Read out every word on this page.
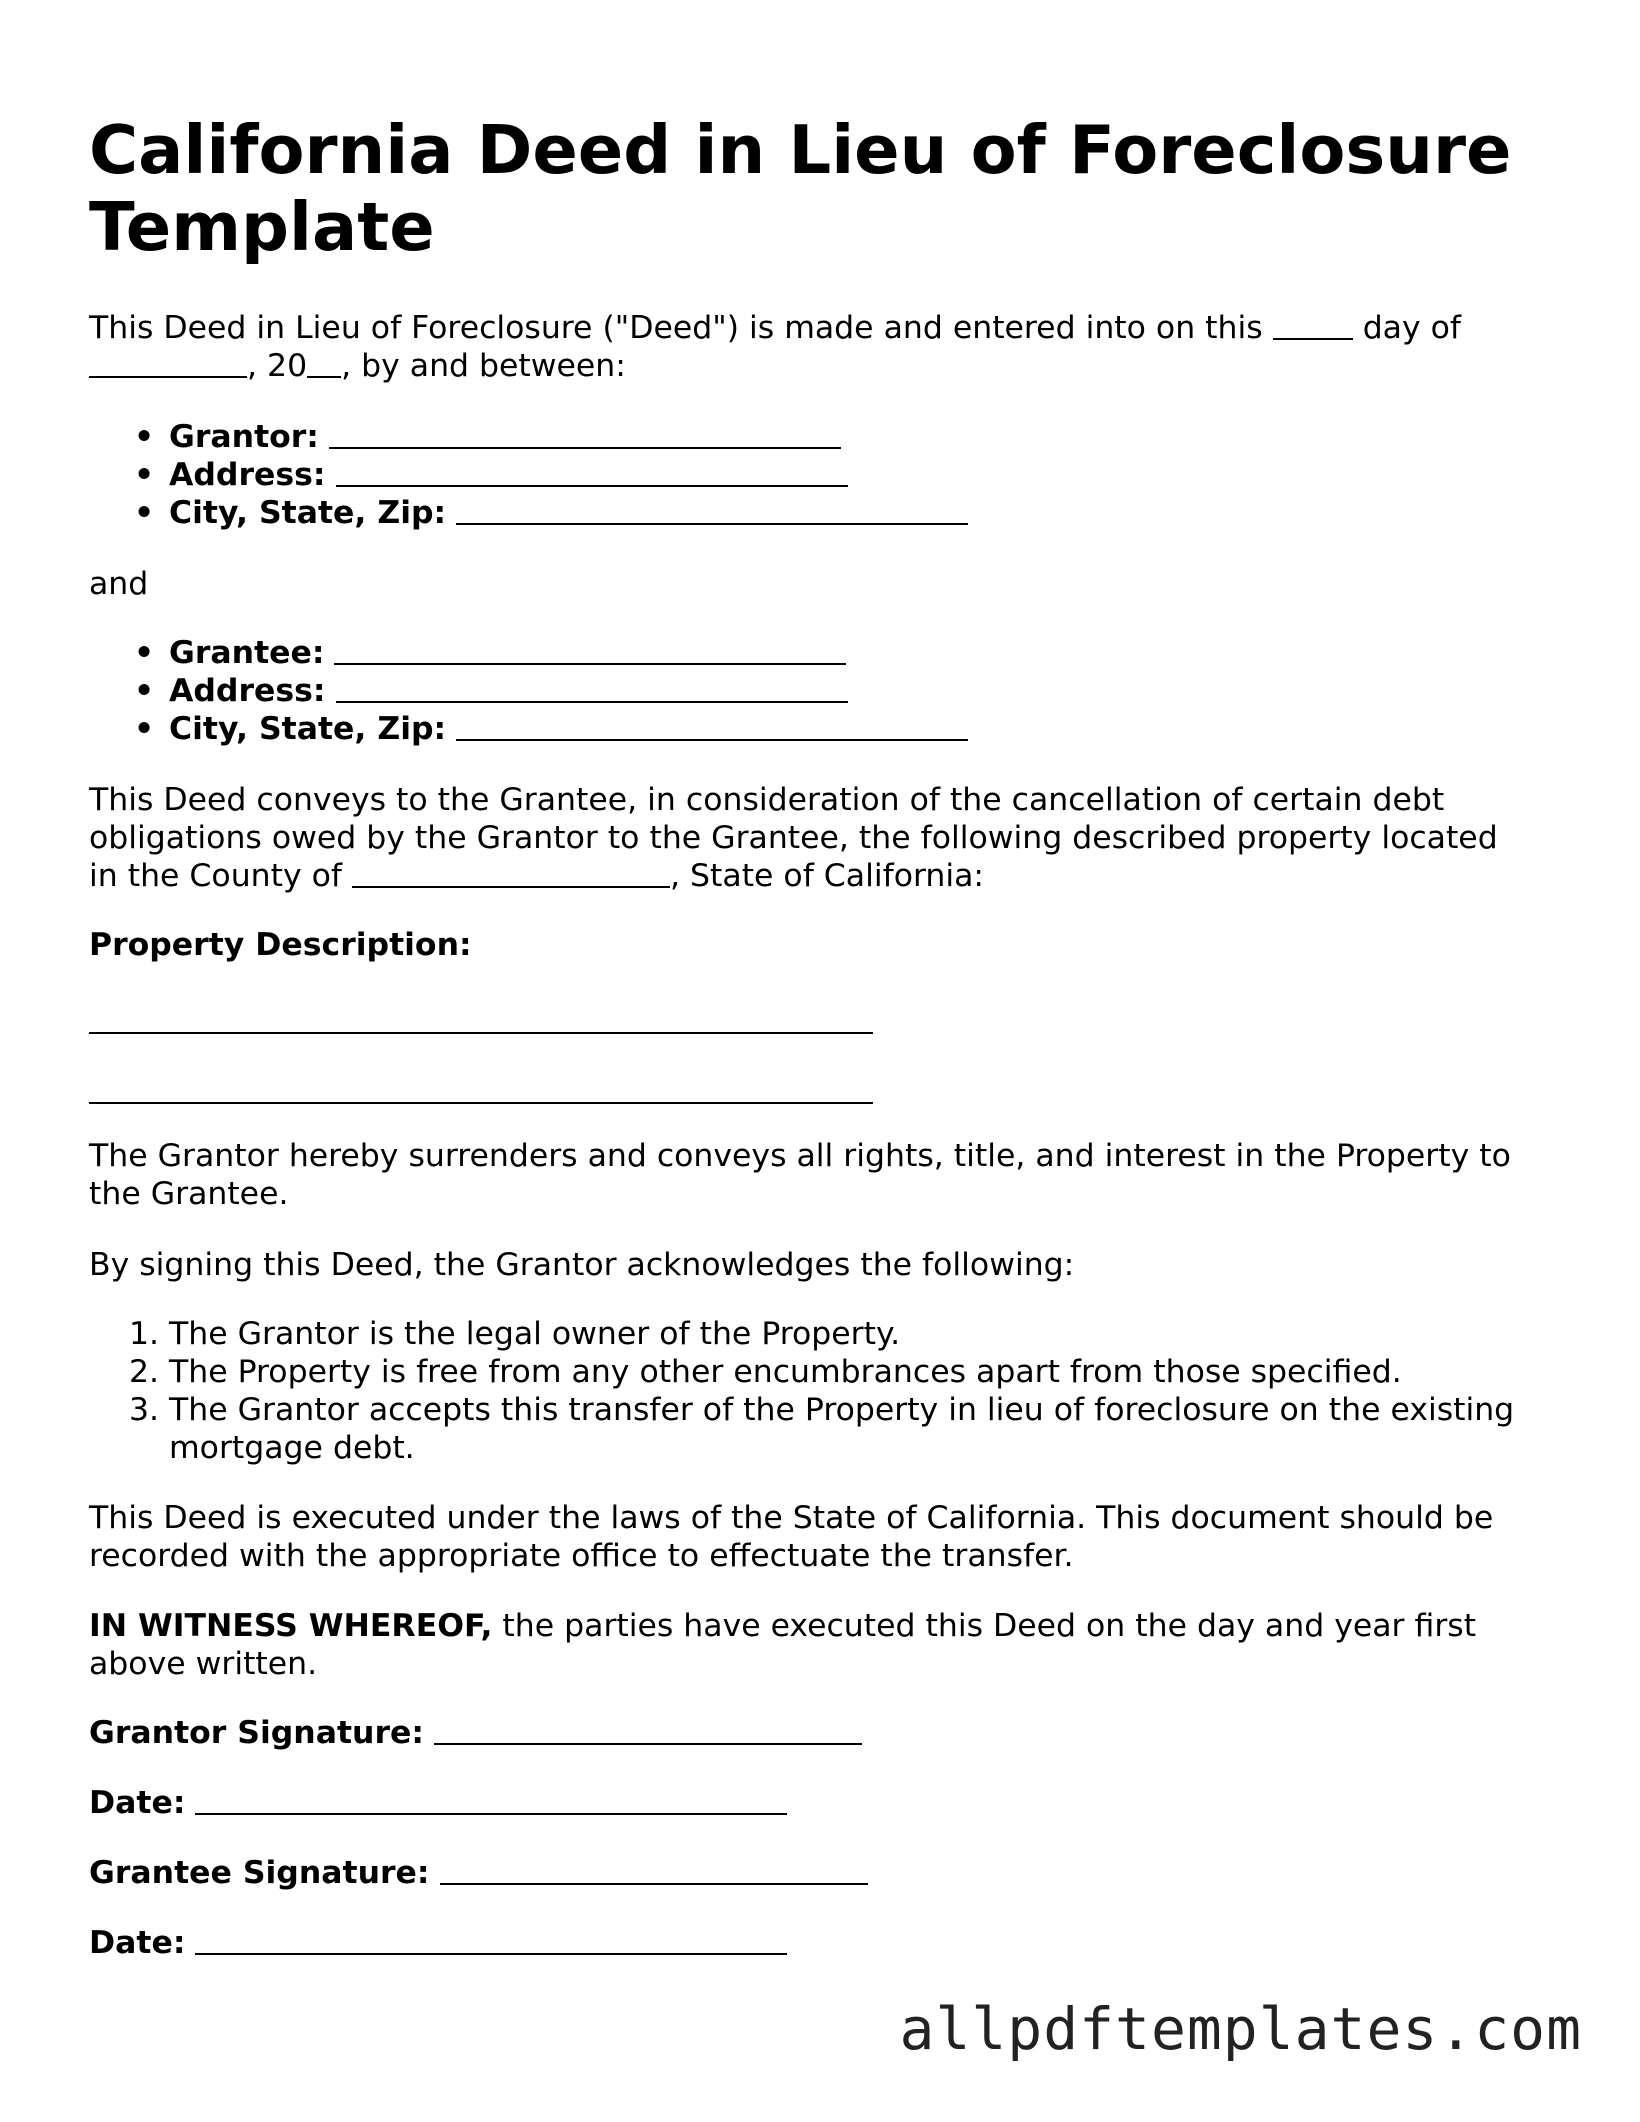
California Deed in Lieu of Foreclosure Template

This Deed in Lieu of Foreclosure ("Deed") is made and entered into on this	day of , 20 , by and between:

• Grantor:
• Address:
• City, State, Zip:

and

• Grantee:
• Address:
• City, State, Zip:

This Deed conveys to the Grantee, in consideration of the cancellation of certain debt obligations owed by the Grantor to the Grantee, the following described property located in the County of	, State of California:

Property Description:

The Grantor hereby surrenders and conveys all rights, title, and interest in the Property to the Grantee.

By signing this Deed, the Grantor acknowledges the following:

1. The Grantor is the legal owner of the Property.
2. The Property is free from any other encumbrances apart from those specified.
3. The Grantor accepts this transfer of the Property in lieu of foreclosure on the existing mortgage debt.

This Deed is executed under the laws of the State of California. This document should be recorded with the appropriate office to effectuate the transfer.

IN WITNESS WHEREOF, the parties have executed this Deed on the day and year first above written.

Grantor Signature:

Date:

Grantee Signature:

Date:

allpdftemplates.com
